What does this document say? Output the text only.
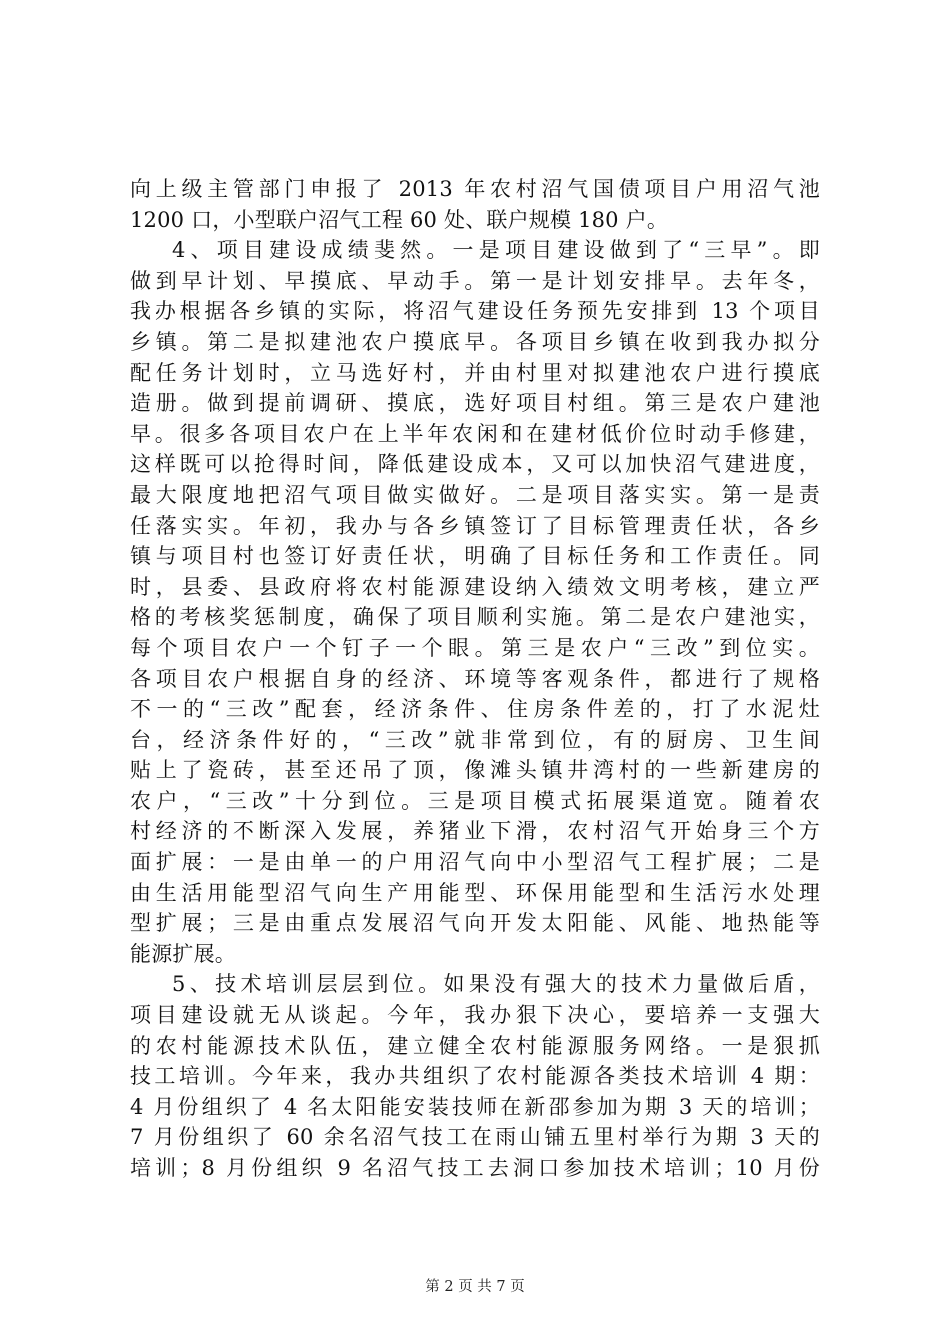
向上级主管部门申报了 2013 年农村沼气国债项目户用沼气池
1200 口，小型联户沼气工程 60 处、联户规模 180 户。
4、项目建设成绩斐然。一是项目建设做到了“三早”。即
做到早计划、早摸底、早动手。第一是计划安排早。去年冬，
我办根据各乡镇的实际，将沼气建设任务预先安排到 13 个项目
乡镇。第二是拟建池农户摸底早。各项目乡镇在收到我办拟分
配任务计划时，立马选好村，并由村里对拟建池农户进行摸底
造册。做到提前调研、摸底，选好项目村组。第三是农户建池
早。很多各项目农户在上半年农闲和在建材低价位时动手修建，
这样既可以抢得时间，降低建设成本，又可以加快沼气建进度，
最大限度地把沼气项目做实做好。二是项目落实实。第一是责
任落实实。年初，我办与各乡镇签订了目标管理责任状，各乡
镇与项目村也签订好责任状，明确了目标任务和工作责任。同
时，县委、县政府将农村能源建设纳入绩效文明考核，建立严
格的考核奖惩制度，确保了项目顺利实施。第二是农户建池实，
每个项目农户一个钉子一个眼。第三是农户“三改”到位实。
各项目农户根据自身的经济、环境等客观条件，都进行了规格
不一的“三改”配套，经济条件、住房条件差的，打了水泥灶
台，经济条件好的，“三改”就非常到位，有的厨房、卫生间
贴上了瓷砖，甚至还吊了顶，像滩头镇井湾村的一些新建房的
农户，“三改”十分到位。三是项目模式拓展渠道宽。随着农
村经济的不断深入发展，养猪业下滑，农村沼气开始身三个方
面扩展：一是由单一的户用沼气向中小型沼气工程扩展；二是
由生活用能型沼气向生产用能型、环保用能型和生活污水处理
型扩展；三是由重点发展沼气向开发太阳能、风能、地热能等
能源扩展。
5、技术培训层层到位。如果没有强大的技术力量做后盾，
项目建设就无从谈起。今年，我办狠下决心，要培养一支强大
的农村能源技术队伍，建立健全农村能源服务网络。一是狠抓
技工培训。今年来，我办共组织了农村能源各类技术培训 4 期：
4 月份组织了 4 名太阳能安装技师在新邵参加为期 3 天的培训；
7 月份组织了 60 余名沼气技工在雨山铺五里村举行为期 3 天的
培训；8 月份组织 9 名沼气技工去洞口参加技术培训；10 月份
第 2 页 共 7 页
